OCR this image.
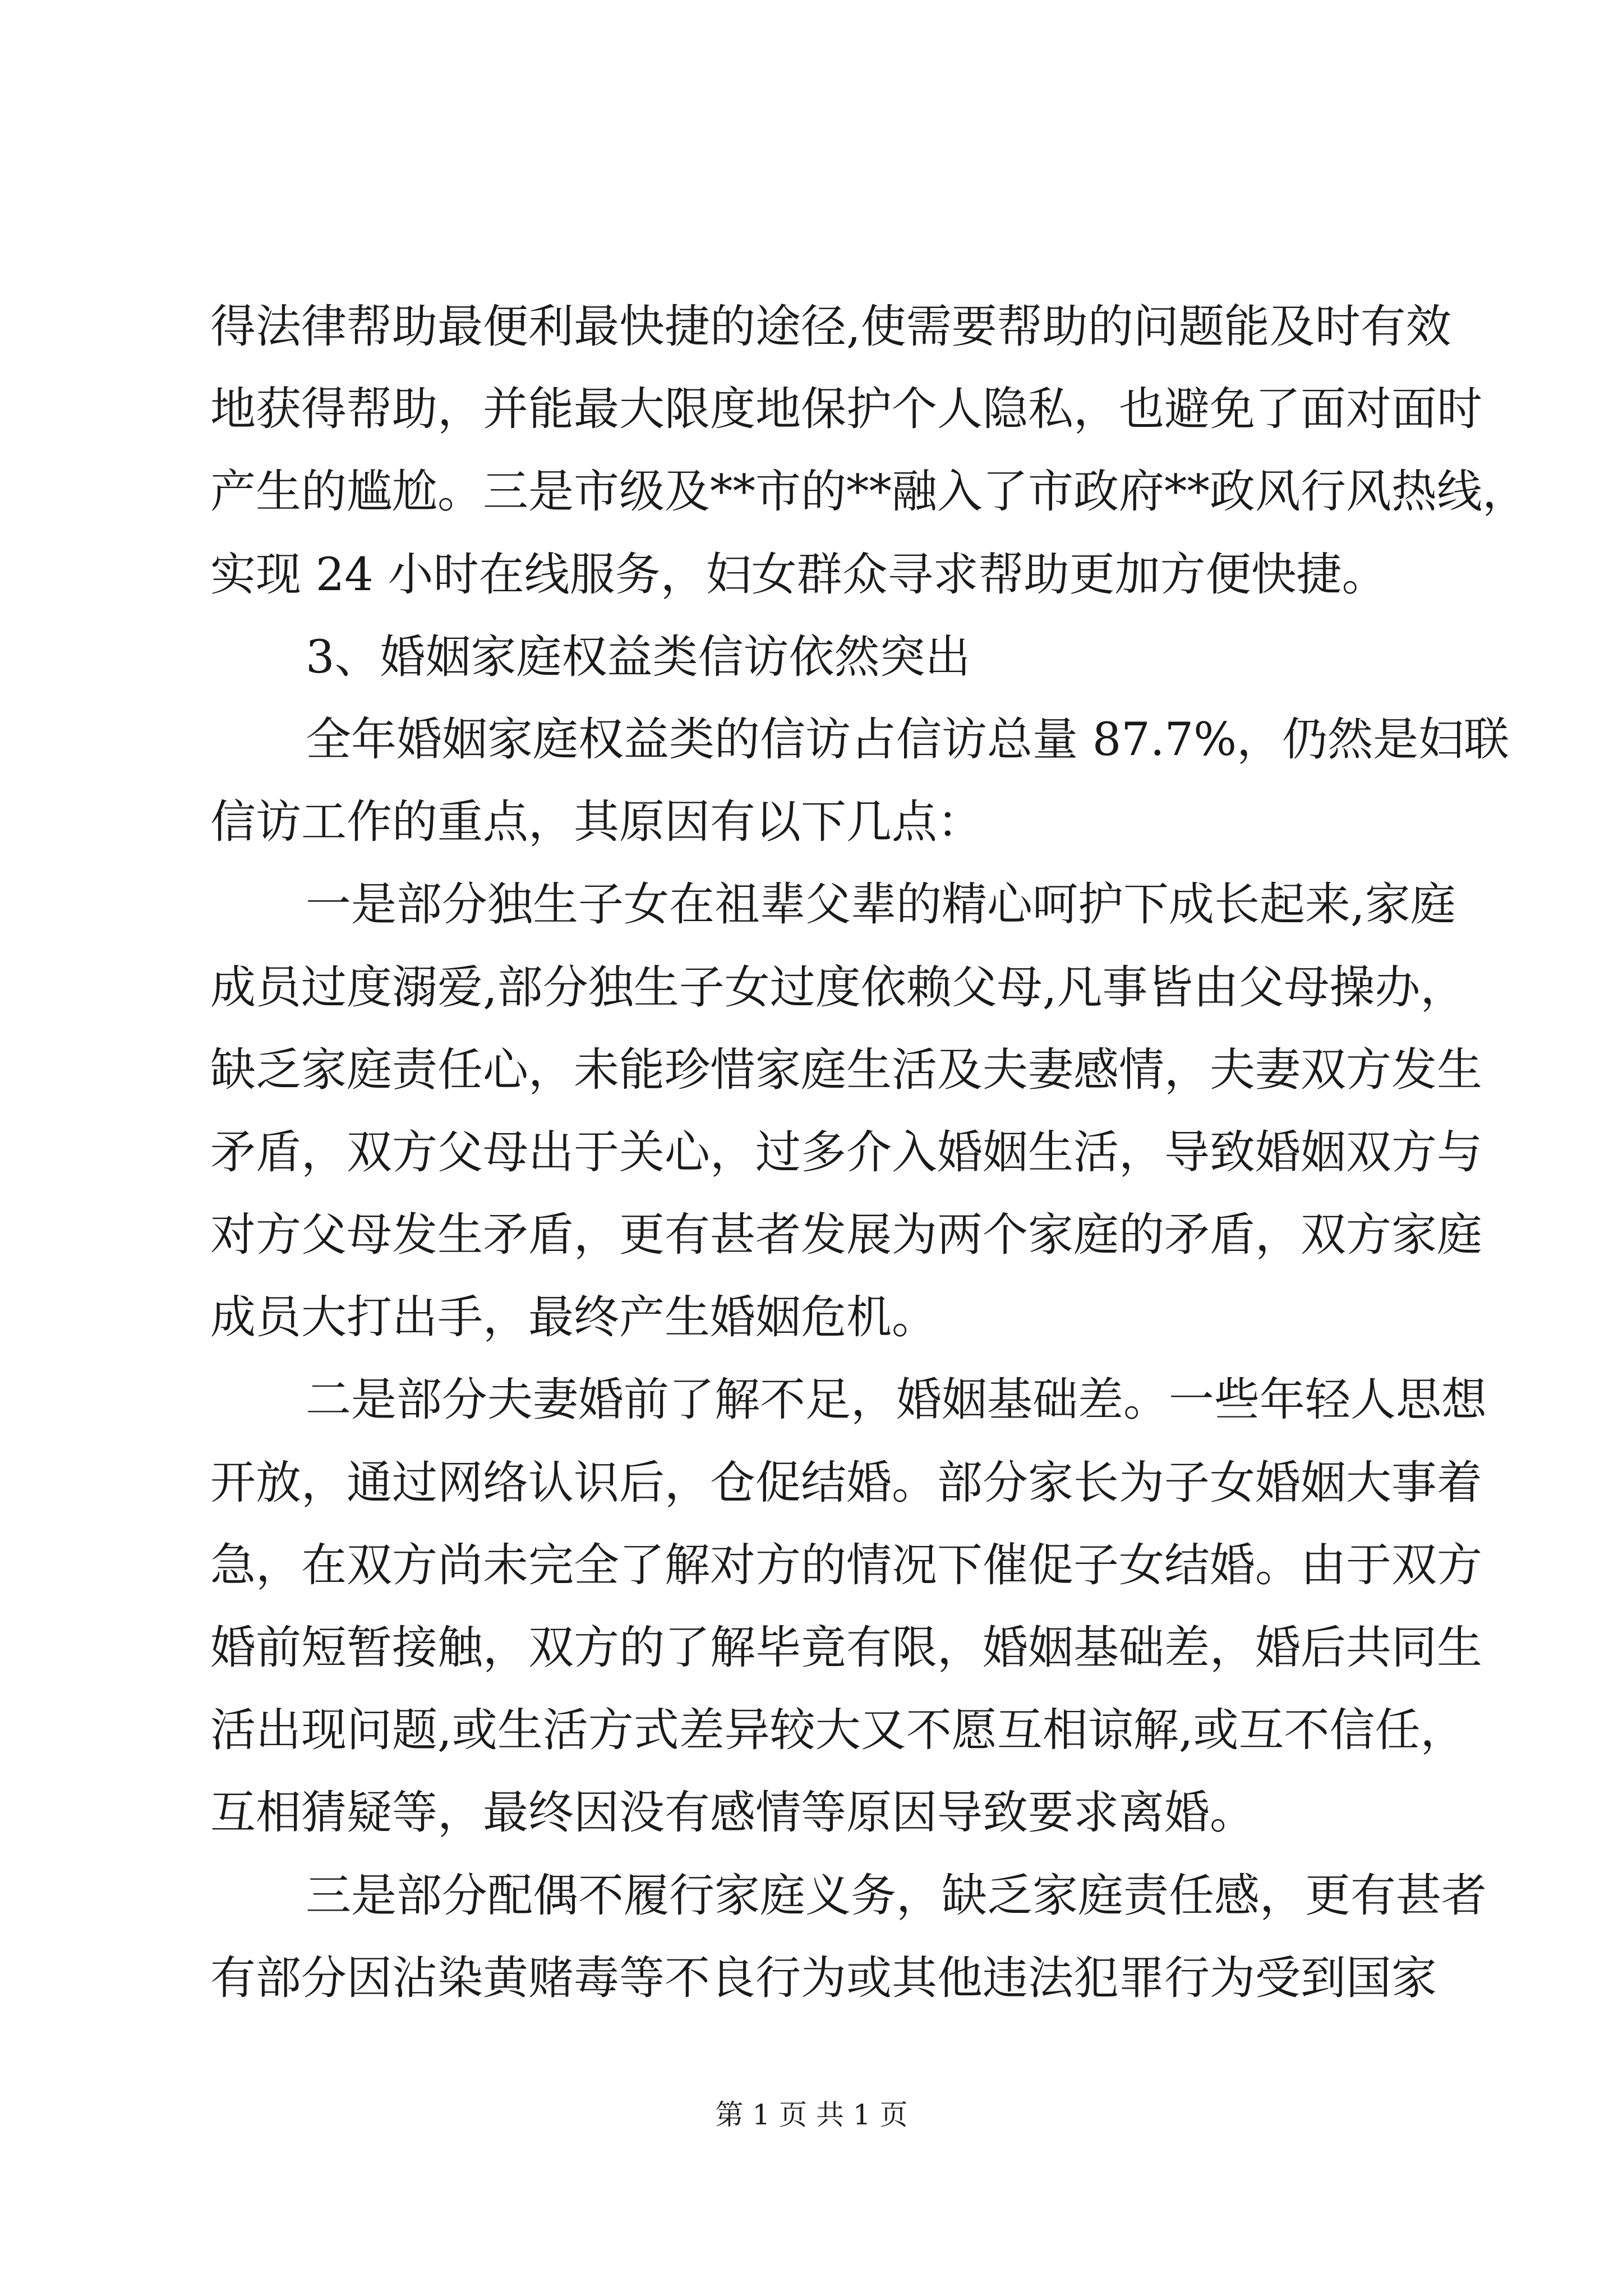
得法律帮助最便利最快捷的途径,使需要帮助的问题能及时有效
地获得帮助，并能最大限度地保护个人隐私，也避免了面对面时
产生的尴尬。三是市级及**市的**融入了市政府**政风行风热线，
实现 24 小时在线服务，妇女群众寻求帮助更加方便快捷。
3、婚姻家庭权益类信访依然突出
全年婚姻家庭权益类的信访占信访总量 87.7%，仍然是妇联
信访工作的重点，其原因有以下几点：
一是部分独生子女在祖辈父辈的精心呵护下成长起来,家庭
成员过度溺爱,部分独生子女过度依赖父母,凡事皆由父母操办，
缺乏家庭责任心，未能珍惜家庭生活及夫妻感情，夫妻双方发生
矛盾，双方父母出于关心，过多介入婚姻生活，导致婚姻双方与
对方父母发生矛盾，更有甚者发展为两个家庭的矛盾，双方家庭
成员大打出手，最终产生婚姻危机。
二是部分夫妻婚前了解不足，婚姻基础差。一些年轻人思想
开放，通过网络认识后，仓促结婚。部分家长为子女婚姻大事着
急，在双方尚未完全了解对方的情况下催促子女结婚。由于双方
婚前短暂接触，双方的了解毕竟有限，婚姻基础差，婚后共同生
活出现问题,或生活方式差异较大又不愿互相谅解,或互不信任，
互相猜疑等，最终因没有感情等原因导致要求离婚。
三是部分配偶不履行家庭义务，缺乏家庭责任感，更有甚者
有部分因沾染黄赌毒等不良行为或其他违法犯罪行为受到国家
第 1 页 共 1 页
